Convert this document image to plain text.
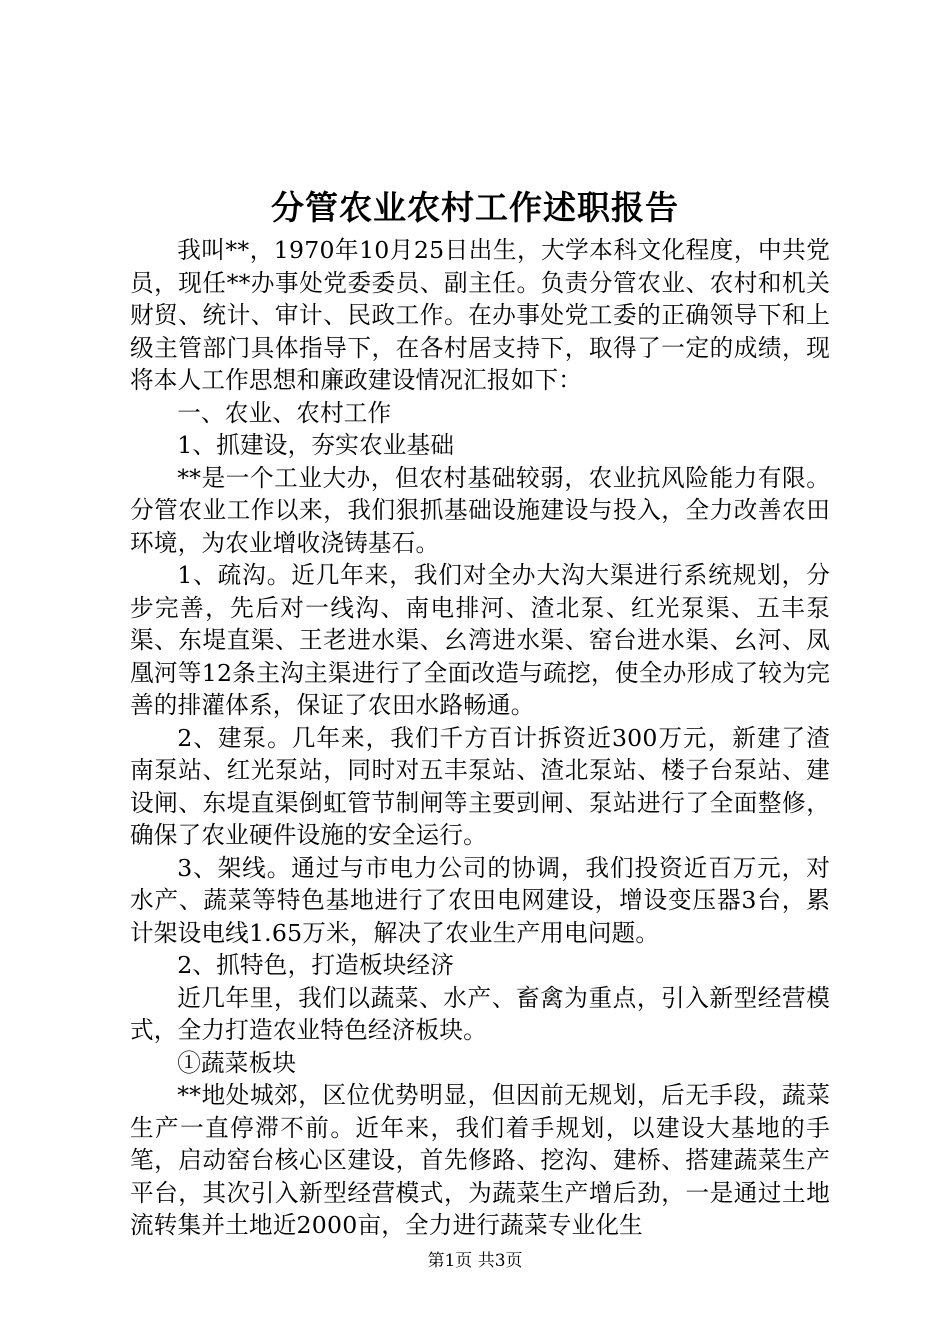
分管农业农村工作述职报告

我叫**，1970年10月25日出生，大学本科文化程度，中共党员，现任**办事处党委委员、副主任。负责分管农业、农村和机关财贸、统计、审计、民政工作。在办事处党工委的正确领导下和上级主管部门具体指导下，在各村居支持下，取得了一定的成绩，现将本人工作思想和廉政建设情况汇报如下：

一、农业、农村工作

1、抓建设，夯实农业基础

**是一个工业大办，但农村基础较弱，农业抗风险能力有限。分管农业工作以来，我们狠抓基础设施建设与投入，全力改善农田环境，为农业增收浇铸基石。

1、疏沟。近几年来，我们对全办大沟大渠进行系统规划，分步完善，先后对一线沟、南电排河、渣北泵、红光泵渠、五丰泵渠、东堤直渠、王老进水渠、幺湾进水渠、窑台进水渠、幺河、凤凰河等12条主沟主渠进行了全面改造与疏挖，使全办形成了较为完善的排灌体系，保证了农田水路畅通。

2、建泵。几年来，我们千方百计拆资近300万元，新建了渣南泵站、红光泵站，同时对五丰泵站、渣北泵站、楼子台泵站、建设闸、东堤直渠倒虹管节制闸等主要剅闸、泵站进行了全面整修，确保了农业硬件设施的安全运行。

3、架线。通过与市电力公司的协调，我们投资近百万元，对水产、蔬菜等特色基地进行了农田电网建设，增设变压器3台，累计架设电线1.65万米，解决了农业生产用电问题。

2、抓特色，打造板块经济

近几年里，我们以蔬菜、水产、畜禽为重点，引入新型经营模式，全力打造农业特色经济板块。

①蔬菜板块

**地处城郊，区位优势明显，但因前无规划，后无手段，蔬菜生产一直停滞不前。近年来，我们着手规划，以建设大基地的手笔，启动窑台核心区建设，首先修路、挖沟、建桥、搭建蔬菜生产平台，其次引入新型经营模式，为蔬菜生产增后劲，一是通过土地流转集并土地近2000亩，全力进行蔬菜专业化生

第1页 共3页
